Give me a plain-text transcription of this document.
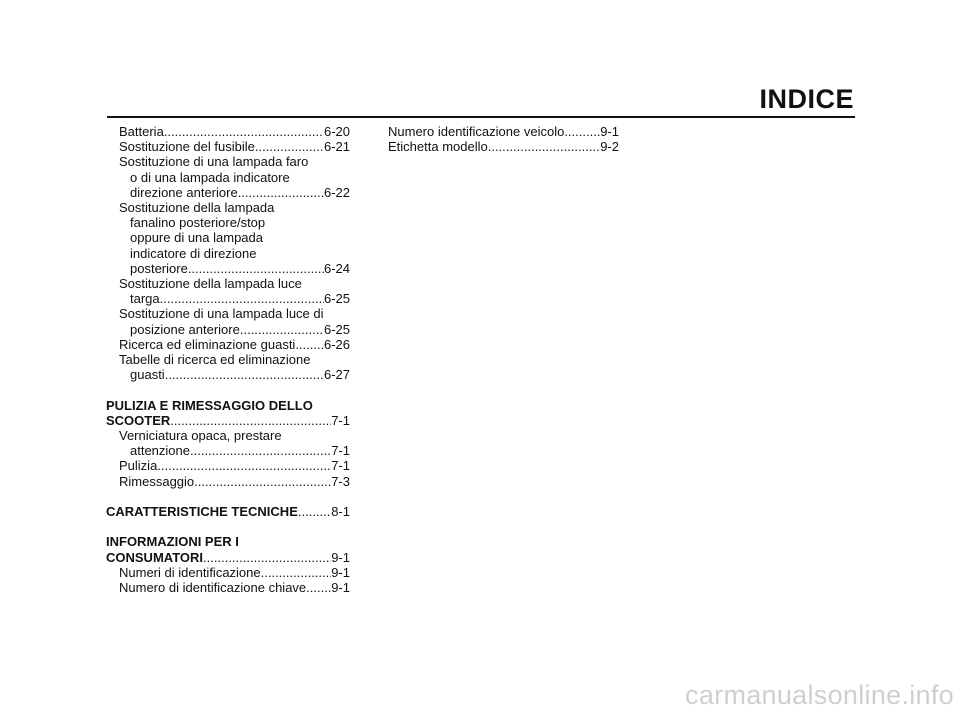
INDICE
Batteria .....	6-20
Sostituzione del fusibile .....	6-21
Sostituzione di una lampada faro
o di una lampada indicatore
direzione anteriore .....	6-22
Sostituzione della lampada
fanalino posteriore/stop
oppure di una lampada
indicatore di direzione
posteriore .....	6-24
Sostituzione della lampada luce
targa .....	6-25
Sostituzione di una lampada luce di
posizione anteriore .....	6-25
Ricerca ed eliminazione guasti ..... 6-26
Tabelle di ricerca ed eliminazione
guasti .....	6-27
PULIZIA E RIMESSAGGIO DELLO
SCOOTER .....	7-1
Verniciatura opaca, prestare
attenzione .....	7-1
Pulizia .....	7-1
Rimessaggio .....	7-3
CARATTERISTICHE TECNICHE .....	8-1
INFORMAZIONI PER I
CONSUMATORI .....	9-1
Numeri di identificazione .....	9-1
Numero di identificazione chiave ..... 9-1
Numero identificazione veicolo .....	9-1
Etichetta modello .....	9-2
carmanualsonline.info
